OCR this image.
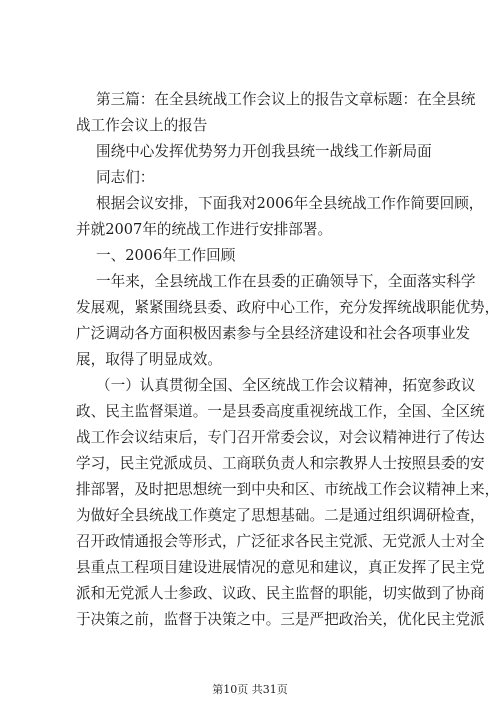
第三篇：在全县统战工作会议上的报告文章标题：在全县统
战工作会议上的报告
围绕中心发挥优势努力开创我县统一战线工作新局面
同志们：
根据会议安排，下面我对2006年全县统战工作作简要回顾，
并就2007年的统战工作进行安排部署。
一、2006年工作回顾
一年来，全县统战工作在县委的正确领导下，全面落实科学
发展观，紧紧围绕县委、政府中心工作，充分发挥统战职能优势，
广泛调动各方面积极因素参与全县经济建设和社会各项事业发
展，取得了明显成效。
（一）认真贯彻全国、全区统战工作会议精神，拓宽参政议
政、民主监督渠道。一是县委高度重视统战工作，全国、全区统
战工作会议结束后，专门召开常委会议，对会议精神进行了传达
学习，民主党派成员、工商联负责人和宗教界人士按照县委的安
排部署，及时把思想统一到中央和区、市统战工作会议精神上来，
为做好全县统战工作奠定了思想基础。二是通过组织调研检查，
召开政情通报会等形式，广泛征求各民主党派、无党派人士对全
县重点工程项目建设进展情况的意见和建议，真正发挥了民主党
派和无党派人士参政、议政、民主监督的职能，切实做到了协商
于决策之前，监督于决策之中。三是严把政治关，优化民主党派
第10页 共31页
